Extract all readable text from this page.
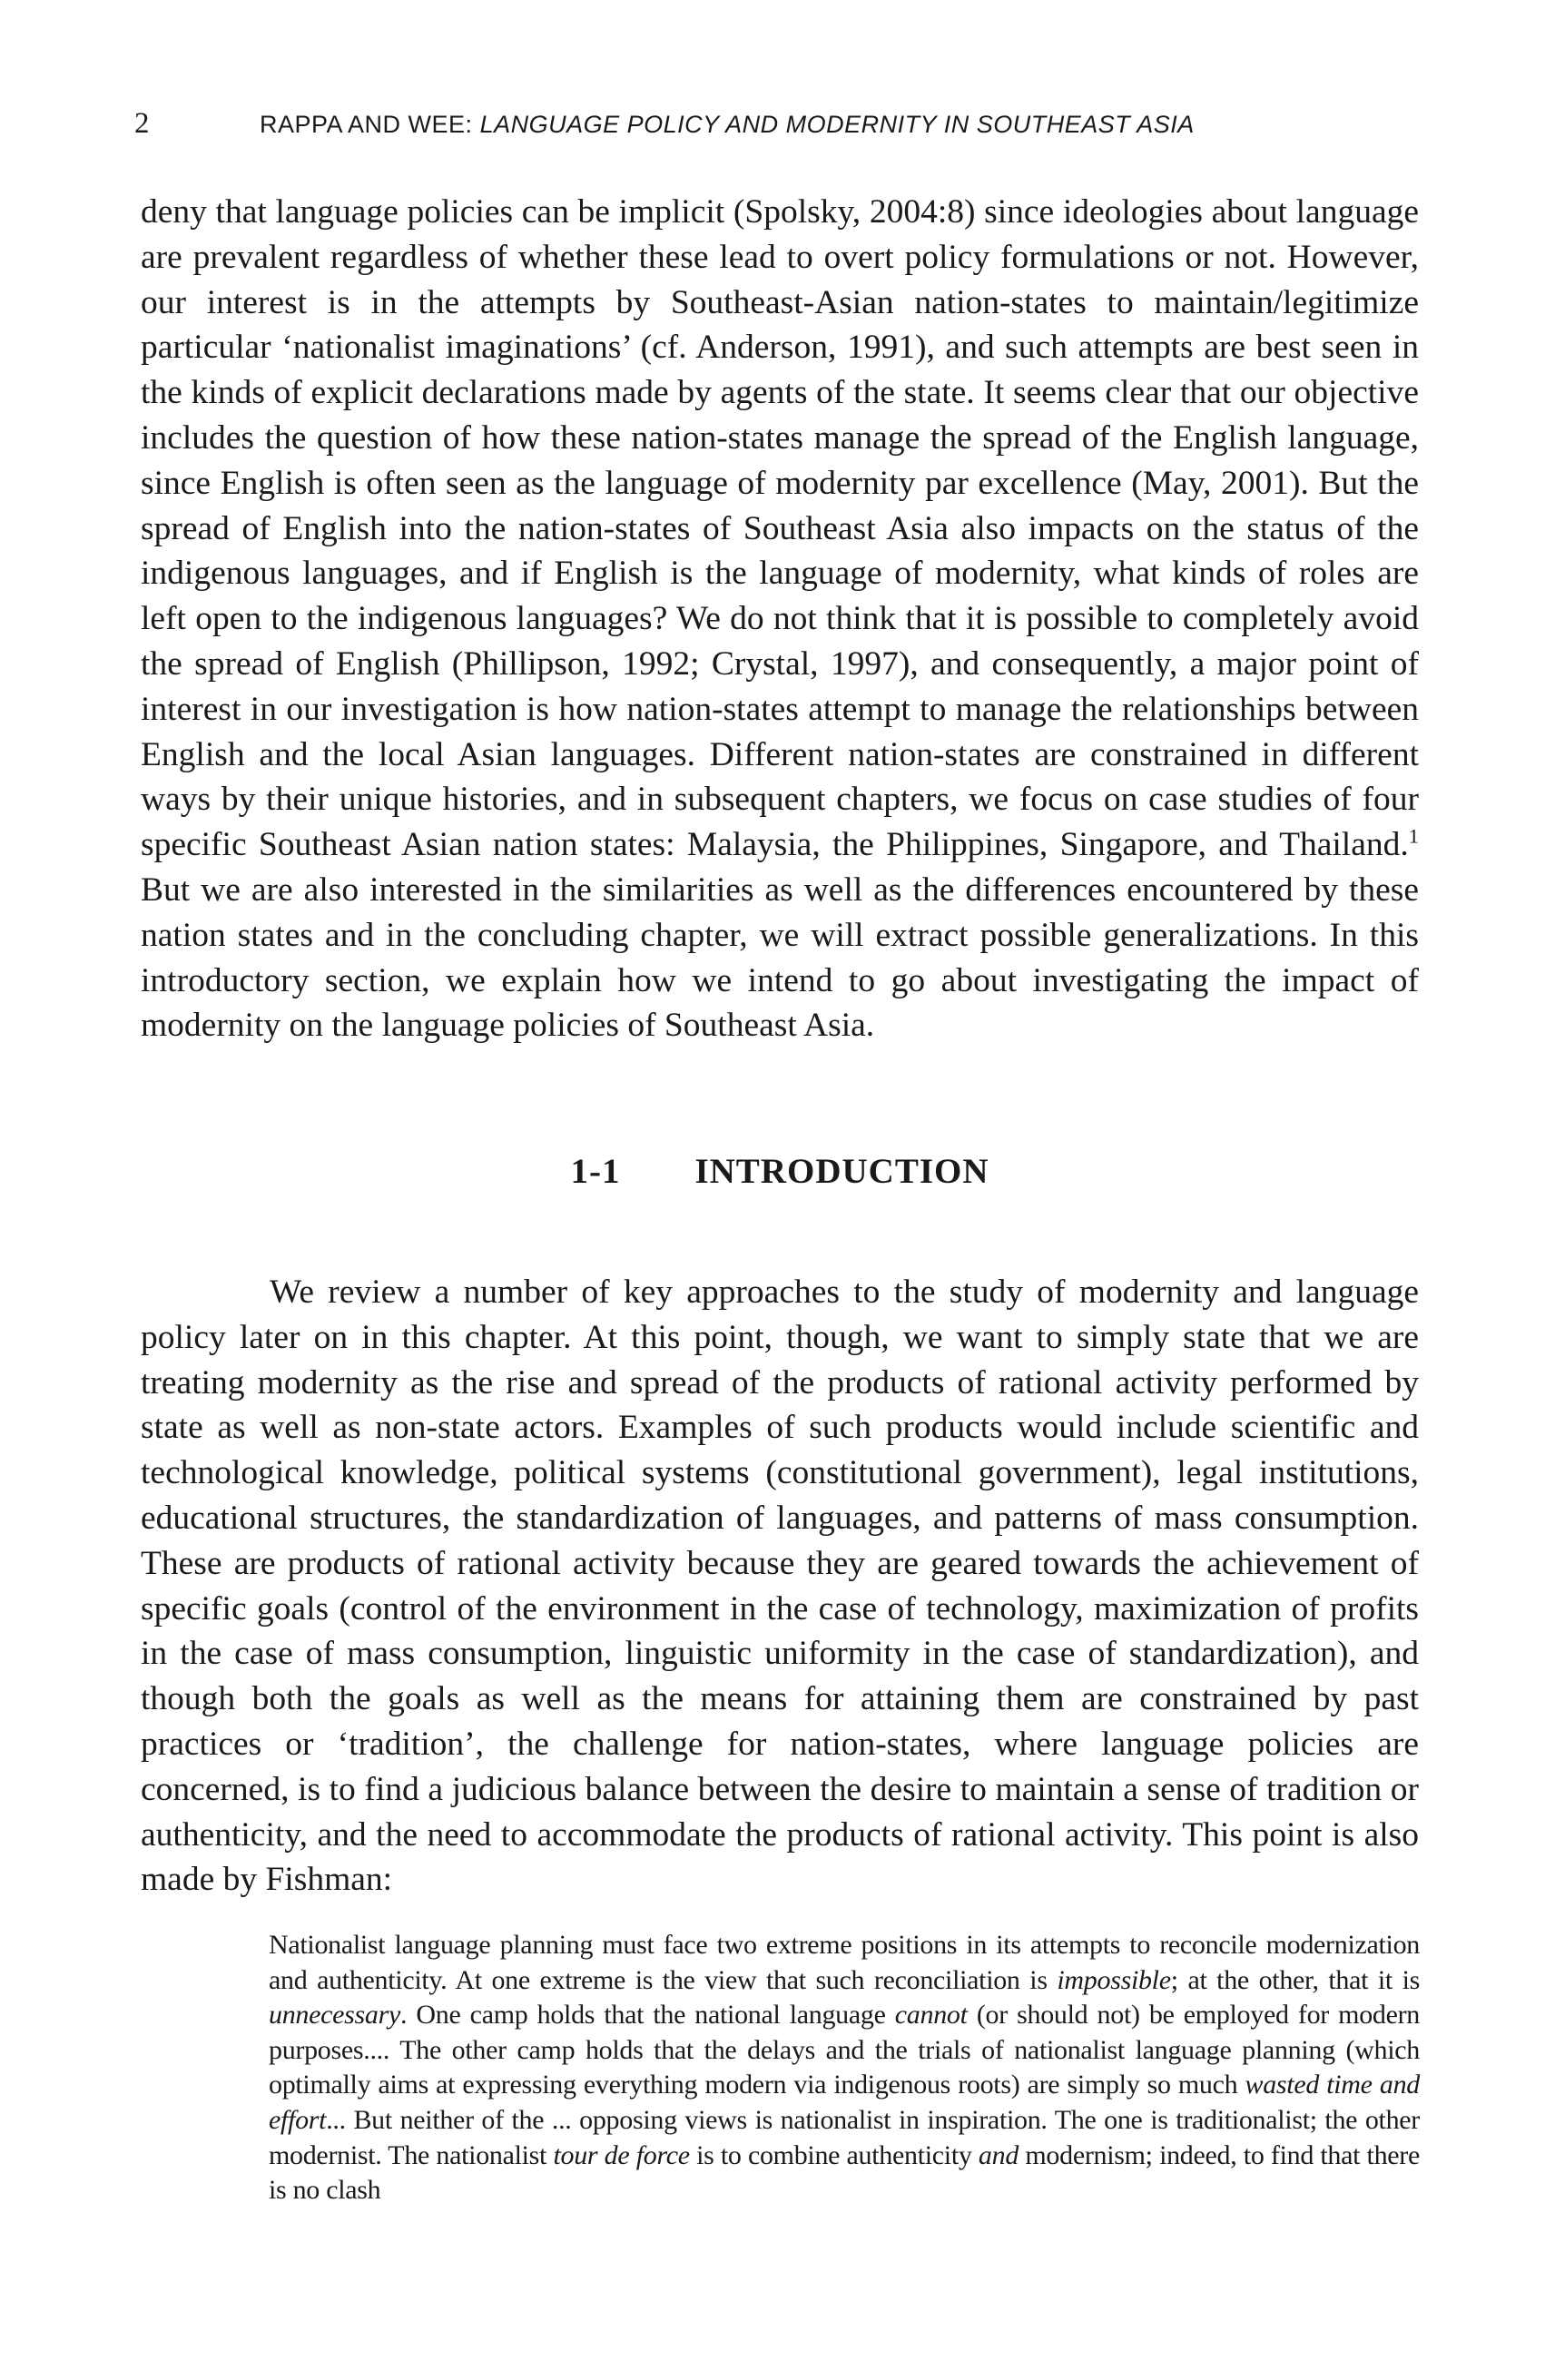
2	RAPPA AND WEE: LANGUAGE POLICY AND MODERNITY IN SOUTHEAST ASIA

deny that language policies can be implicit (Spolsky, 2004:8) since ideologies about language are prevalent regardless of whether these lead to overt policy formulations or not. However, our interest is in the attempts by Southeast-Asian nation-states to maintain/legitimize particular ‘nationalist imaginations’ (cf. Anderson, 1991), and such attempts are best seen in the kinds of explicit declarations made by agents of the state. It seems clear that our objective includes the question of how these nation-states manage the spread of the English language, since English is often seen as the language of modernity par excellence (May, 2001). But the spread of English into the nation-states of Southeast Asia also impacts on the status of the indigenous languages, and if English is the language of modernity, what kinds of roles are left open to the indigenous languages? We do not think that it is possible to completely avoid the spread of English (Phillipson, 1992; Crystal, 1997), and consequently, a major point of interest in our investigation is how nation-states attempt to manage the relationships between English and the local Asian languages. Different nation-states are constrained in different ways by their unique histories, and in subsequent chapters, we focus on case studies of four specific Southeast Asian nation states: Malaysia, the Philippines, Singapore, and Thailand.$^1$ But we are also interested in the similarities as well as the differences encountered by these nation states and in the concluding chapter, we will extract possible generalizations. In this introductory section, we explain how we intend to go about investigating the impact of modernity on the language policies of Southeast Asia.

1-1 INTRODUCTION

We review a number of key approaches to the study of modernity and language policy later on in this chapter. At this point, though, we want to simply state that we are treating modernity as the rise and spread of the products of rational activity performed by state as well as non-state actors. Examples of such products would include scientific and technological knowledge, political systems (constitutional government), legal institutions, educational structures, the standardization of languages, and patterns of mass consumption. These are products of rational activity because they are geared towards the achievement of specific goals (control of the environment in the case of technology, maximization of profits in the case of mass consumption, linguistic uniformity in the case of standardization), and though both the goals as well as the means for attaining them are constrained by past practices or ‘tradition’, the challenge for nation-states, where language policies are concerned, is to find a judicious balance between the desire to maintain a sense of tradition or authenticity, and the need to accommodate the products of rational activity. This point is also made by Fishman:

Nationalist language planning must face two extreme positions in its attempts to reconcile modernization and authenticity. At one extreme is the view that such reconciliation is impossible; at the other, that it is unnecessary. One camp holds that the national language cannot (or should not) be employed for modern purposes.... The other camp holds that the delays and the trials of nationalist language planning (which optimally aims at expressing everything modern via indigenous roots) are simply so much wasted time and effort... But neither of the ... opposing views is nationalist in inspiration. The one is traditionalist; the other modernist. The nationalist tour de force is to combine authenticity and modernism; indeed, to find that there is no clash
